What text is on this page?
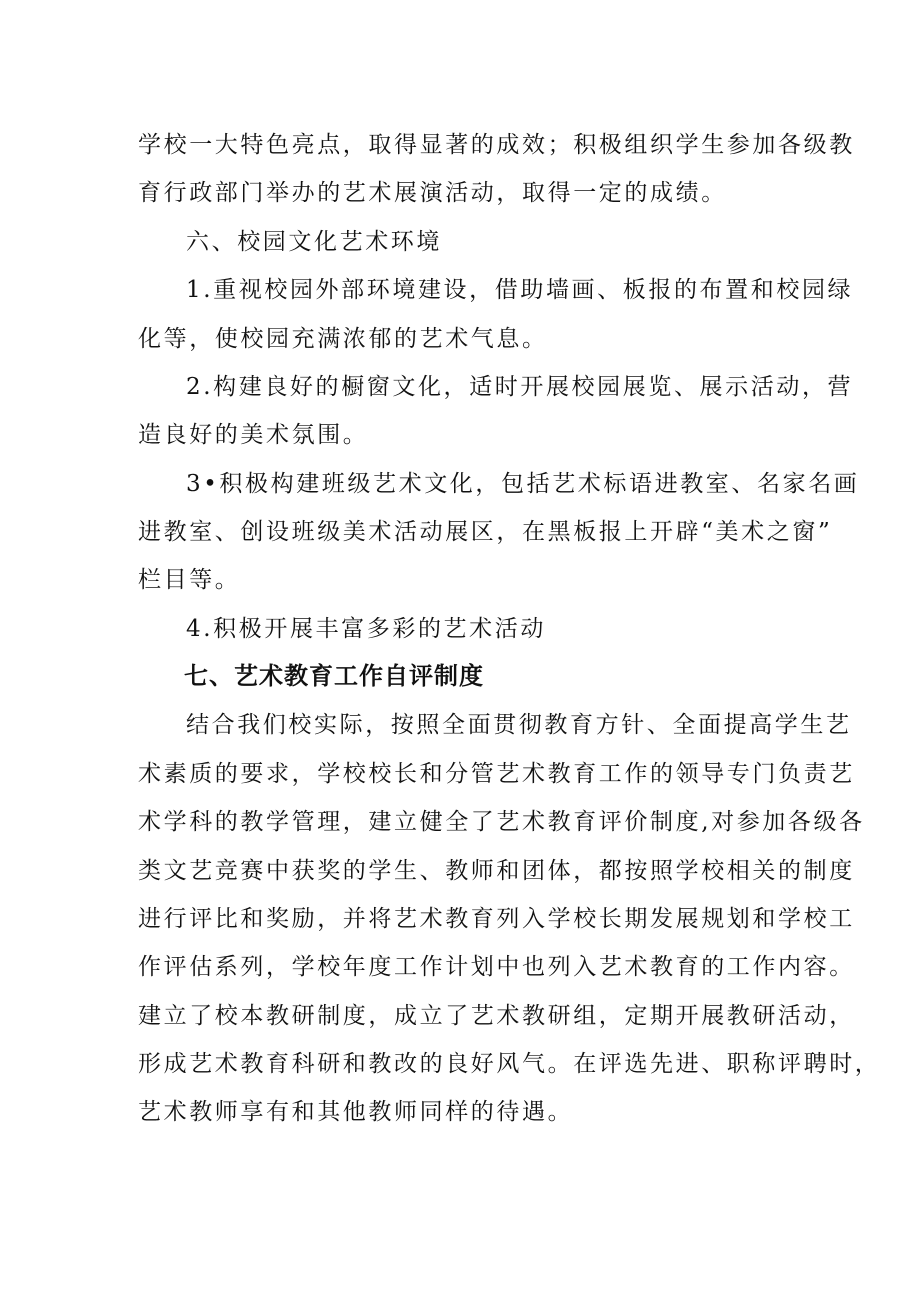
学校一大特色亮点，取得显著的成效；积极组织学生参加各级教
育行政部门举办的艺术展演活动，取得一定的成绩。
六、校园文化艺术环境
1.重视校园外部环境建设，借助墙画、板报的布置和校园绿
化等，使校园充满浓郁的艺术气息。
2.构建良好的橱窗文化，适时开展校园展览、展示活动，营
造良好的美术氛围。
3•积极构建班级艺术文化，包括艺术标语进教室、名家名画
进教室、创设班级美术活动展区，在黑板报上开辟“美术之窗”
栏目等。
4.积极开展丰富多彩的艺术活动
七、艺术教育工作自评制度
结合我们校实际，按照全面贯彻教育方针、全面提高学生艺
术素质的要求，学校校长和分管艺术教育工作的领导专门负责艺
术学科的教学管理，建立健全了艺术教育评价制度,对参加各级各
类文艺竞赛中获奖的学生、教师和团体，都按照学校相关的制度
进行评比和奖励，并将艺术教育列入学校长期发展规划和学校工
作评估系列，学校年度工作计划中也列入艺术教育的工作内容。
建立了校本教研制度，成立了艺术教研组，定期开展教研活动，
形成艺术教育科研和教改的良好风气。在评选先进、职称评聘时，
艺术教师享有和其他教师同样的待遇。
